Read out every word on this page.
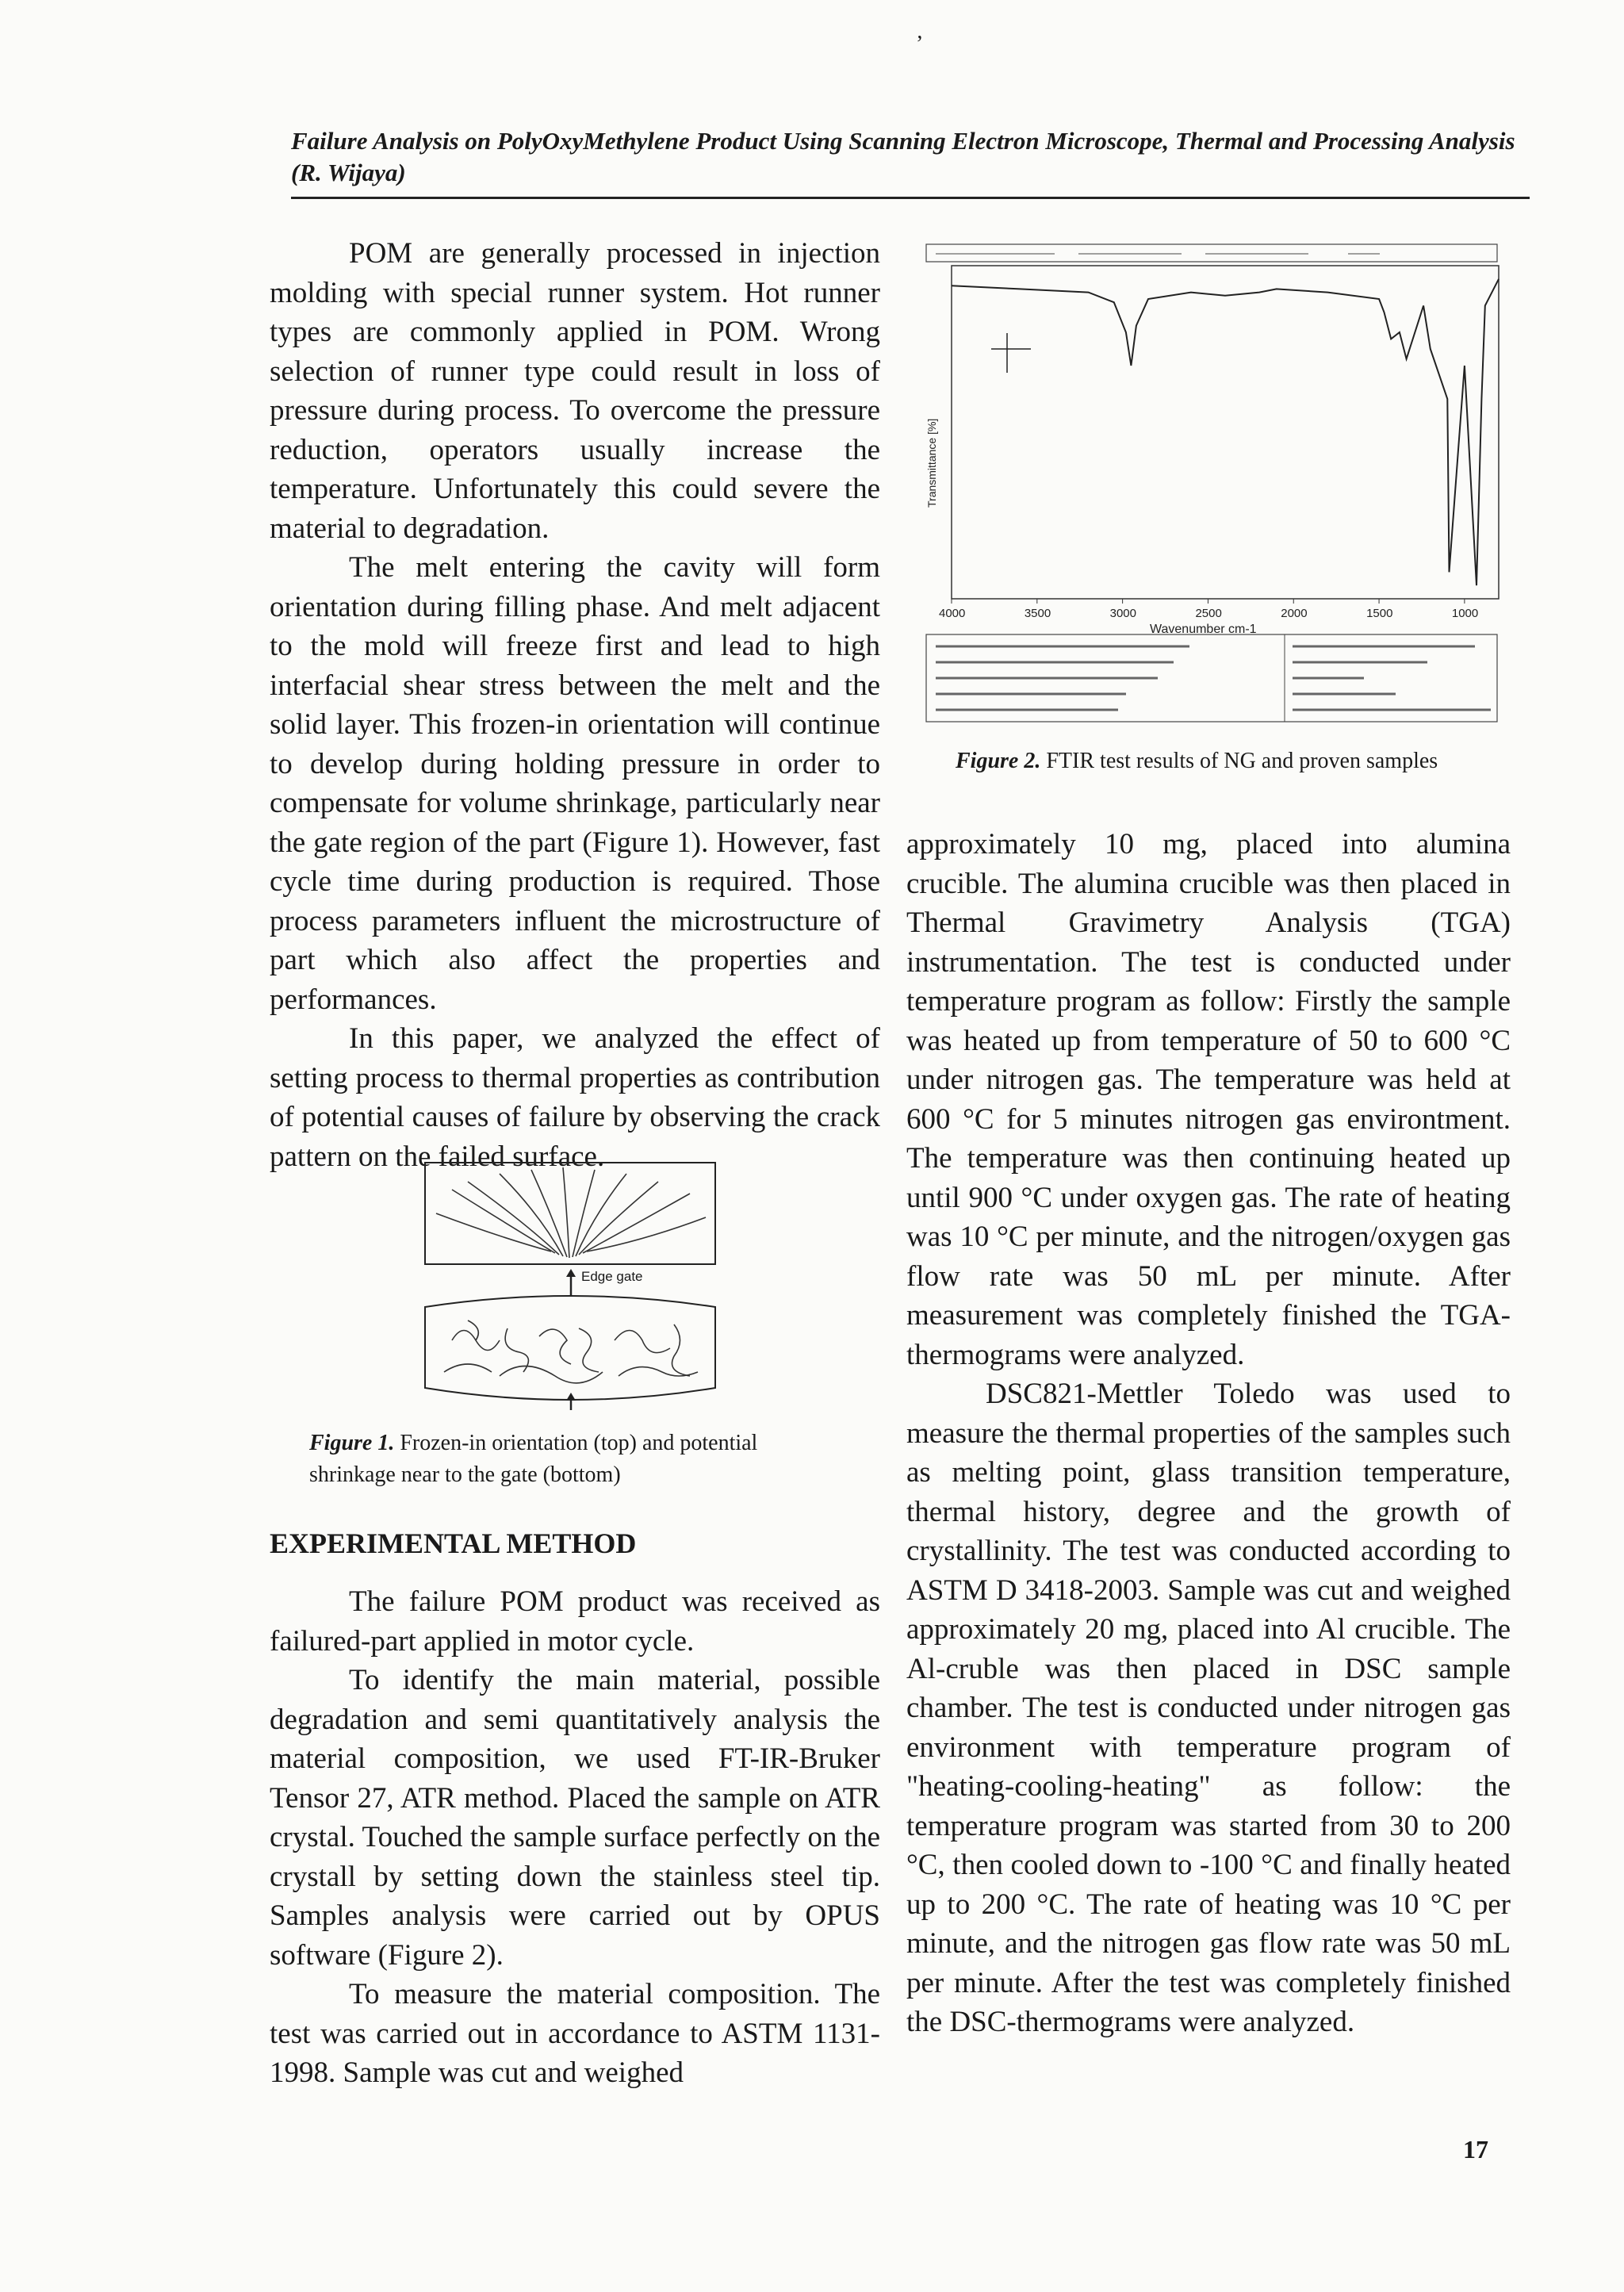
’
Failure Analysis on PolyOxyMethylene Product Using Scanning Electron Microscope, Thermal and Processing Analysis (R. Wijaya)

POM are generally processed in injection molding with special runner system. Hot runner types are commonly applied in POM. Wrong selection of runner type could result in loss of pressure during process. To overcome the pressure reduction, operators usually increase the temperature. Unfortunately this could severe the material to degradation.

The melt entering the cavity will form orientation during filling phase. And melt adjacent to the mold will freeze first and lead to high interfacial shear stress between the melt and the solid layer. This frozen-in orientation will continue to develop during holding pressure in order to compensate for volume shrinkage, particularly near the gate region of the part (Figure 1). However, fast cycle time during production is required. Those process parameters influent the microstructure of part which also affect the properties and performances.

In this paper, we analyzed the effect of setting process to thermal properties as contribution of potential causes of failure by observing the crack pattern on the failed surface.

Edge gate
Figure 1. Frozen-in orientation (top) and potential shrinkage near to the gate (bottom)
EXPERIMENTAL METHOD

The failure POM product was received as failured-part applied in motor cycle.

To identify the main material, possible degradation and semi quantitatively analysis the material composition, we used FT-IR-Bruker Tensor 27, ATR method. Placed the sample on ATR crystal. Touched the sample surface perfectly on the crystall by setting down the stainless steel tip. Samples analysis were carried out by OPUS software (Figure 2).

To measure the material composition. The test was carried out in accordance to ASTM 1131-1998. Sample was cut and weighed

4000	3500	3000	2500	2000	1500	1000
Wavenumber cm-1
Transmittance [%]
Figure 2. FTIR test results of NG and proven samples

approximately 10 mg, placed into alumina crucible. The alumina crucible was then placed in Thermal Gravimetry Analysis (TGA) instrumentation. The test is conducted under temperature program as follow: Firstly the sample was heated up from temperature of 50 to 600 °C under nitrogen gas. The temperature was held at 600 °C for 5 minutes nitrogen gas environtment. The temperature was then continuing heated up until 900 °C under oxygen gas. The rate of heating was 10 °C per minute, and the nitrogen/oxygen gas flow rate was 50 mL per minute. After measurement was completely finished the TGA-thermograms were analyzed.

DSC821-Mettler Toledo was used to measure the thermal properties of the samples such as melting point, glass transition temperature, thermal history, degree and the growth of crystallinity. The test was conducted according to ASTM D 3418-2003. Sample was cut and weighed approximately 20 mg, placed into Al crucible. The Al-cruble was then placed in DSC sample chamber. The test is conducted under nitrogen gas environment with temperature program of "heating-cooling-heating" as follow: the temperature program was started from 30 to 200 °C, then cooled down to -100 °C and finally heated up to 200 °C. The rate of heating was 10 °C per minute, and the nitrogen gas flow rate was 50 mL per minute. After the test was completely finished the DSC-thermograms were analyzed.

17
